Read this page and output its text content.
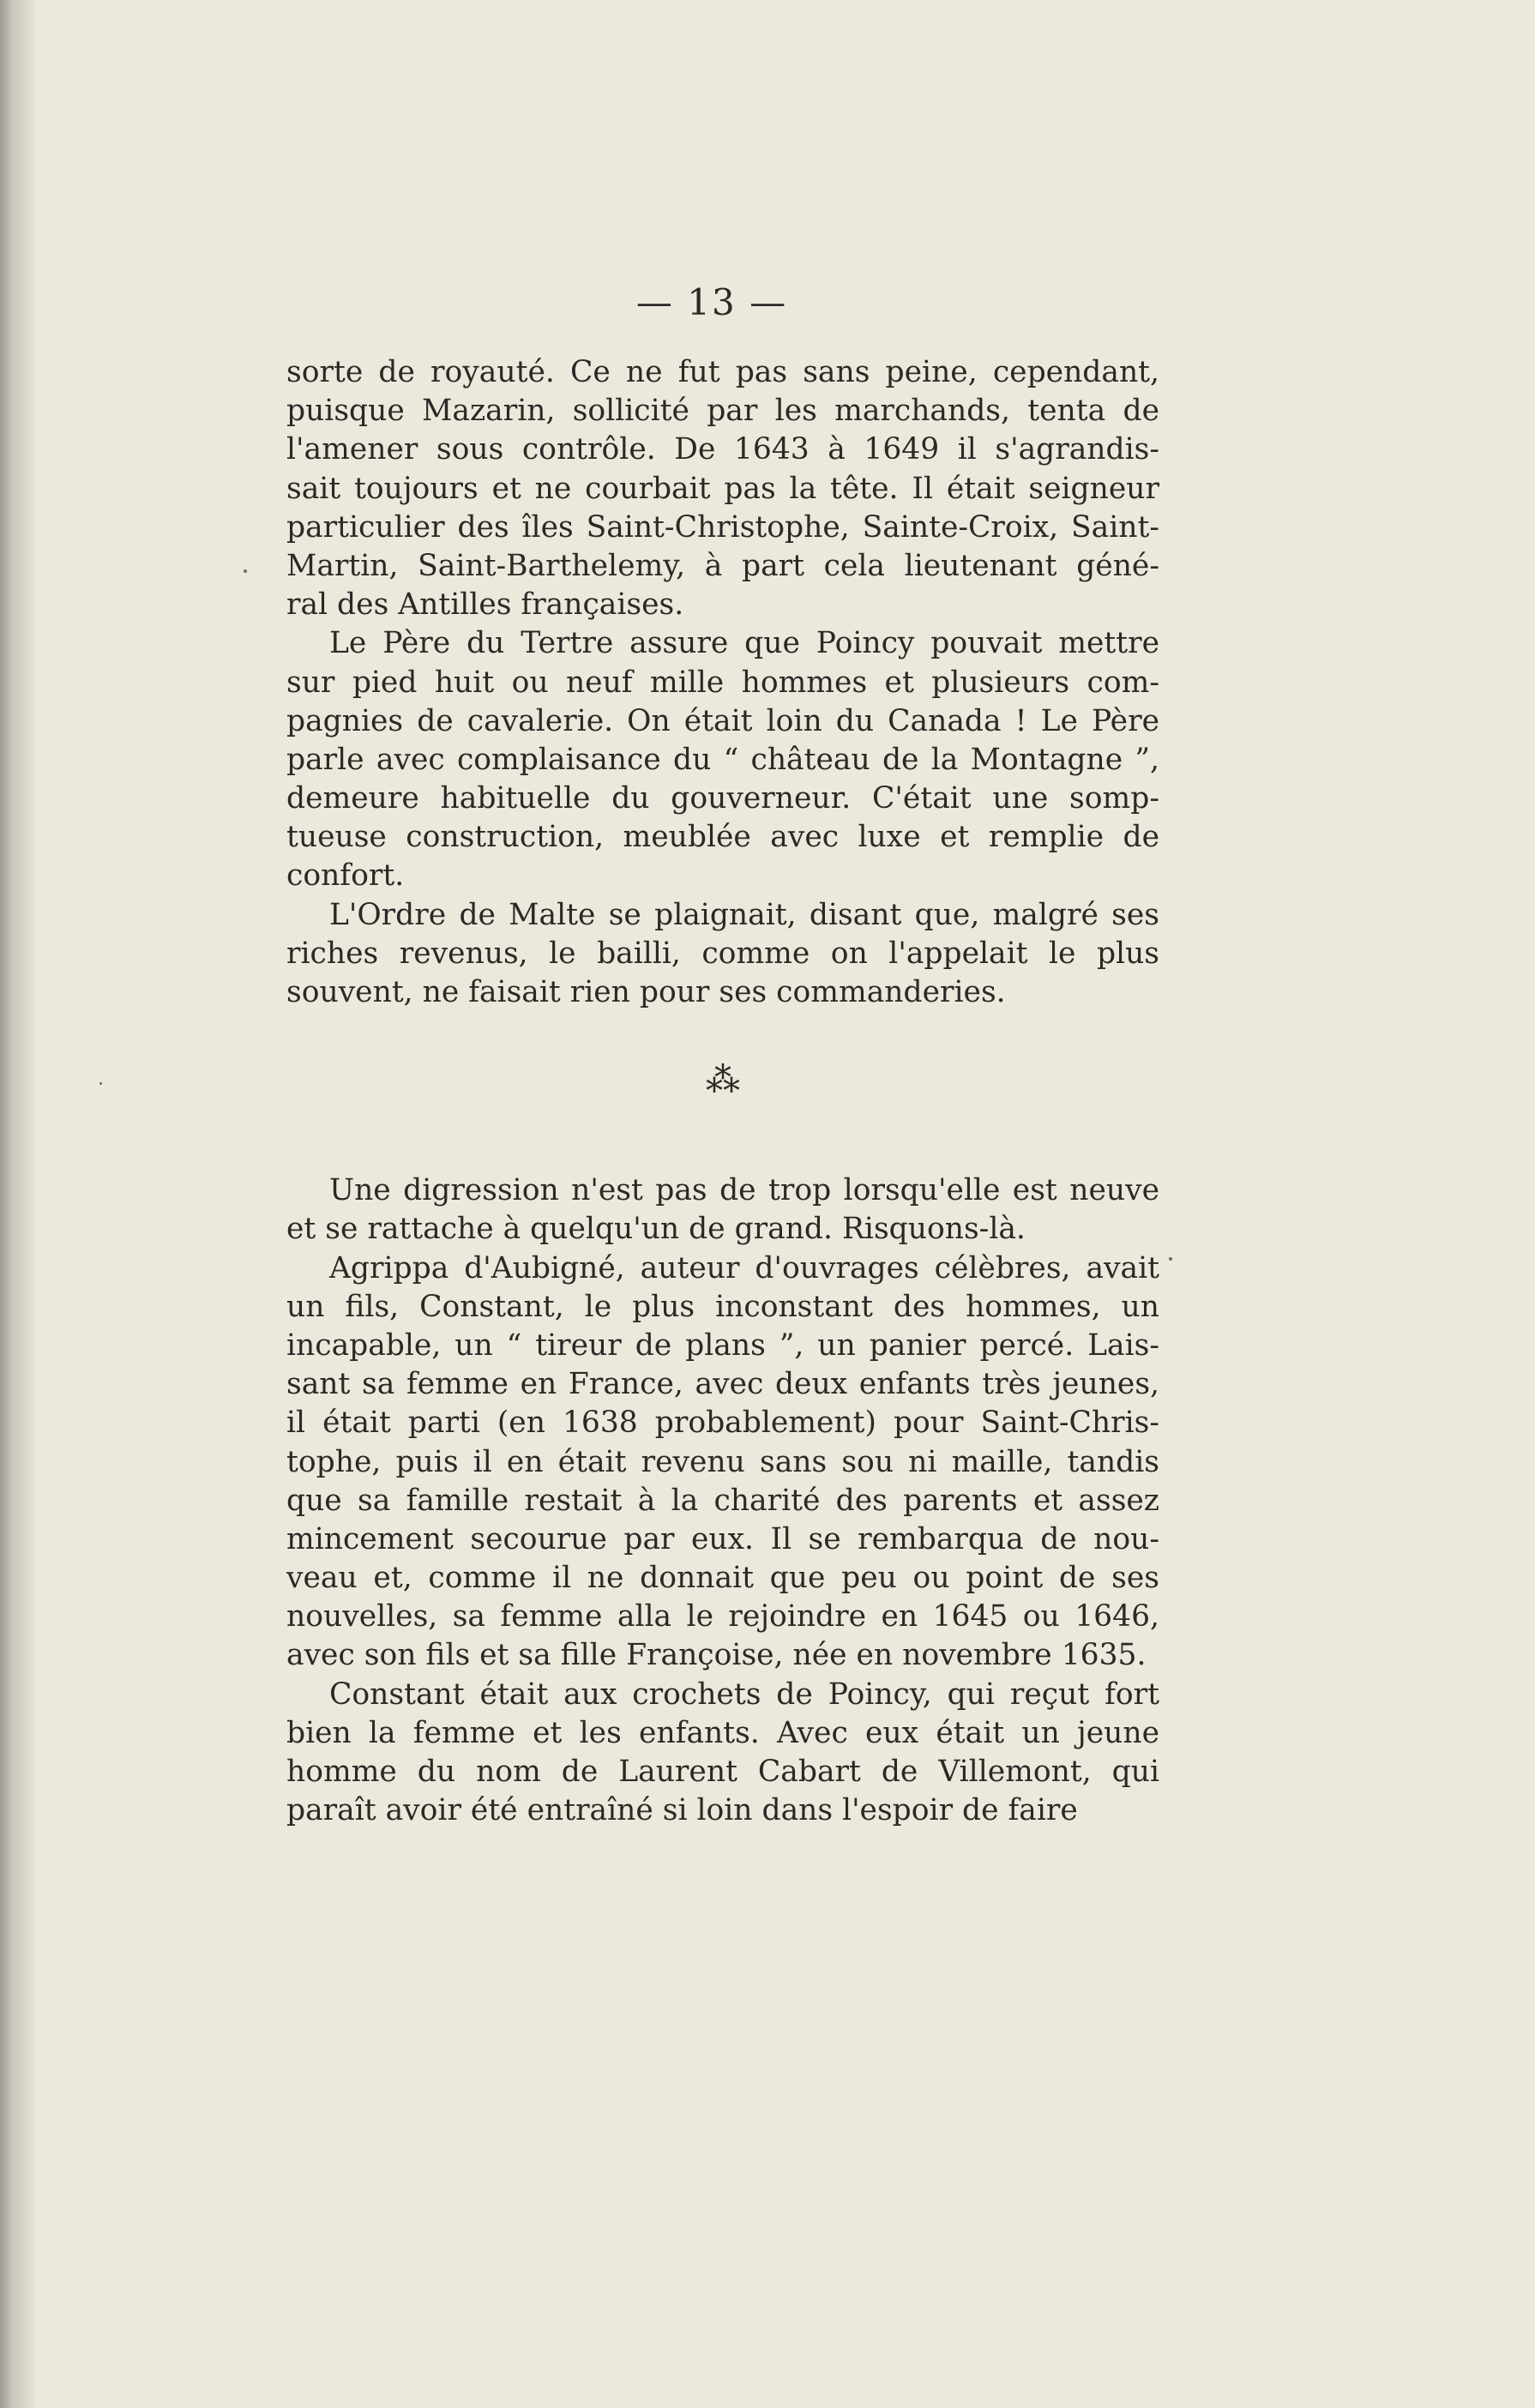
— 13 —
sorte de royauté. Ce ne fut pas sans peine, cependant,
puisque Mazarin, sollicité par les marchands, tenta de
l'amener sous contrôle. De 1643 à 1649 il s'agrandis-
sait toujours et ne courbait pas la tête. Il était seigneur
particulier des îles Saint-Christophe, Sainte-Croix, Saint-
Martin, Saint-Barthelemy, à part cela lieutenant géné-
ral des Antilles françaises.
Le Père du Tertre assure que Poincy pouvait mettre
sur pied huit ou neuf mille hommes et plusieurs com-
pagnies de cavalerie. On était loin du Canada ! Le Père
parle avec complaisance du “ château de la Montagne ”,
demeure habituelle du gouverneur. C'était une somp-
tueuse construction, meublée avec luxe et remplie de
confort.
L'Ordre de Malte se plaignait, disant que, malgré ses
riches revenus, le bailli, comme on l'appelait le plus
souvent, ne faisait rien pour ses commanderies.
⁂
Une digression n'est pas de trop lorsqu'elle est neuve
et se rattache à quelqu'un de grand. Risquons-là.
Agrippa d'Aubigné, auteur d'ouvrages célèbres, avait
un fils, Constant, le plus inconstant des hommes, un
incapable, un “ tireur de plans ”, un panier percé. Lais-
sant sa femme en France, avec deux enfants très jeunes,
il était parti (en 1638 probablement) pour Saint-Chris-
tophe, puis il en était revenu sans sou ni maille, tandis
que sa famille restait à la charité des parents et assez
mincement secourue par eux. Il se rembarqua de nou-
veau et, comme il ne donnait que peu ou point de ses
nouvelles, sa femme alla le rejoindre en 1645 ou 1646,
avec son fils et sa fille Françoise, née en novembre 1635.
Constant était aux crochets de Poincy, qui reçut fort
bien la femme et les enfants. Avec eux était un jeune
homme du nom de Laurent Cabart de Villemont, qui
paraît avoir été entraîné si loin dans l'espoir de faire
